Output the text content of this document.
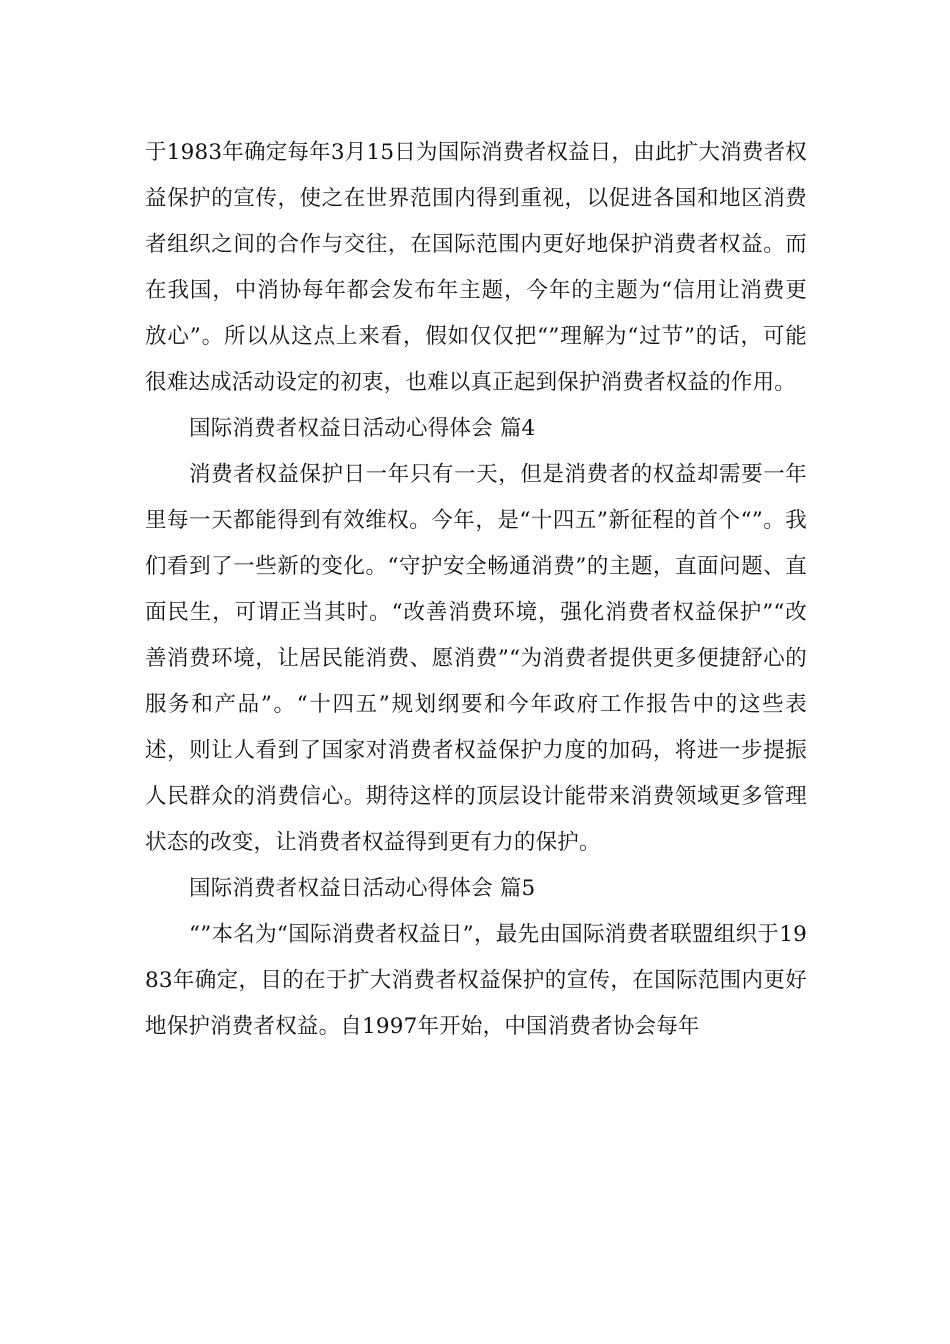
于1983年确定每年3月15日为国际消费者权益日，由此扩大消费者权益保护的宣传，使之在世界范围内得到重视，以促进各国和地区消费者组织之间的合作与交往，在国际范围内更好地保护消费者权益。而在我国，中消协每年都会发布年主题，今年的主题为“信用让消费更放心”。所以从这点上来看，假如仅仅把“”理解为“过节”的话，可能很难达成活动设定的初衷，也难以真正起到保护消费者权益的作用。

国际消费者权益日活动心得体会 篇4

消费者权益保护日一年只有一天，但是消费者的权益却需要一年里每一天都能得到有效维权。今年，是“十四五”新征程的首个“”。我们看到了一些新的变化。“守护安全畅通消费”的主题，直面问题、直面民生，可谓正当其时。“改善消费环境，强化消费者权益保护”“改善消费环境，让居民能消费、愿消费”“为消费者提供更多便捷舒心的服务和产品”。“十四五”规划纲要和今年政府工作报告中的这些表述，则让人看到了国家对消费者权益保护力度的加码，将进一步提振人民群众的消费信心。期待这样的顶层设计能带来消费领域更多管理状态的改变，让消费者权益得到更有力的保护。

国际消费者权益日活动心得体会 篇5

“”本名为“国际消费者权益日”，最先由国际消费者联盟组织于1983年确定，目的在于扩大消费者权益保护的宣传，在国际范围内更好地保护消费者权益。自1997年开始，中国消费者协会每年
